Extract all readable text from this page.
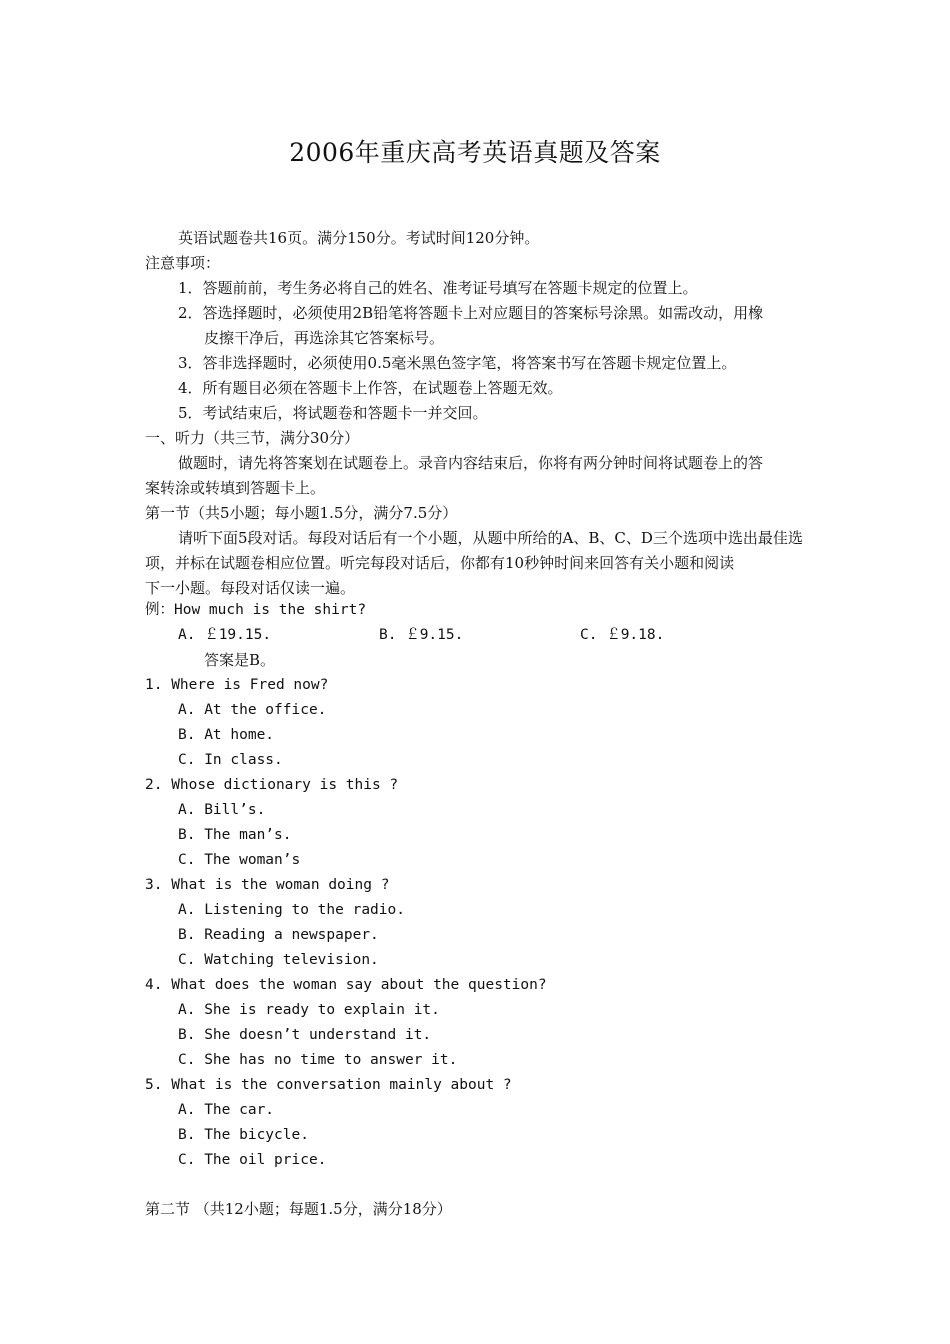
2006年重庆高考英语真题及答案
英语试题卷共16页。满分150分。考试时间120分钟。
注意事项：
1．答题前前，考生务必将自己的姓名、准考证号填写在答题卡规定的位置上。
2．答选择题时，必须使用2B铅笔将答题卡上对应题目的答案标号涂黑。如需改动，用橡
皮擦干净后，再选涂其它答案标号。
3．答非选择题时，必须使用0.5毫米黑色签字笔，将答案书写在答题卡规定位置上。
4．所有题目必须在答题卡上作答，在试题卷上答题无效。
5．考试结束后，将试题卷和答题卡一并交回。
一、听力（共三节，满分30分）
做题时，请先将答案划在试题卷上。录音内容结束后，你将有两分钟时间将试题卷上的答
案转涂或转填到答题卡上。
第一节（共5小题；每小题1.5分，满分7.5分）
请听下面5段对话。每段对话后有一个小题，从题中所给的A、B、C、D三个选项中选出最佳选
项，并标在试题卷相应位置。听完每段对话后，你都有10秒钟时间来回答有关小题和阅读
下一小题。每段对话仅读一遍。
例：How much is the shirt?
A. ￡19.15.	B. ￡9.15.	C. ￡9.18.
答案是B。
1. Where is Fred now?
A. At the office.
B. At home.
C. In class.
2. Whose dictionary is this ?
A. Bill’s.
B. The man’s.
C. The woman’s
3. What is the woman doing ?
A. Listening to the radio.
B. Reading a newspaper.
C. Watching television.
4. What does the woman say about the question?
A. She is ready to explain it.
B. She doesn’t understand it.
C. She has no time to answer it.
5. What is the conversation mainly about ?
A. The car.
B. The bicycle.
C. The oil price.
第二节 （共12小题；每题1.5分，满分18分）
